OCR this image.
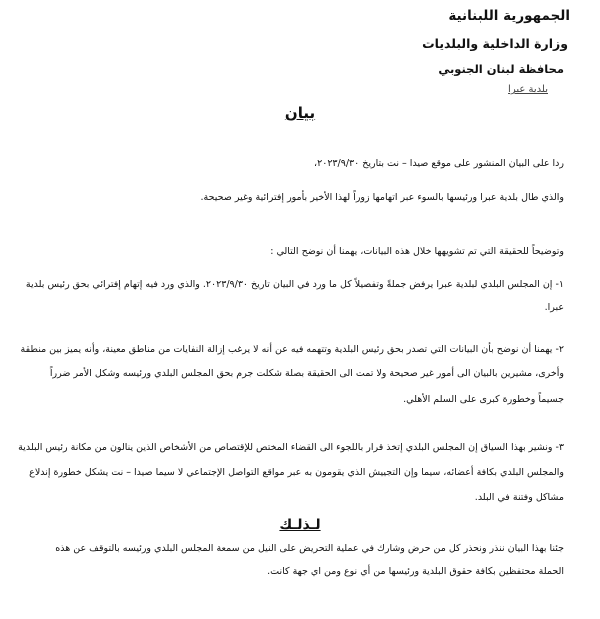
الجمهورية اللبنانية
وزارة الداخلية والبلديات
محافظة لبنان الجنوبي
بلدية عبرا
بيان
ردا على البيان المنشور على موقع صيدا – نت بتاريخ ٢٠٢٣/٩/٣٠،
والذي طال بلدية عبرا ورئيسها بالسوء عبر اتهامها زوراً لهذا الأخير بأمور إفترائية وغير صحيحة.
وتوضيحاً للحقيقة التي تم تشويهها خلال هذه البيانات، يهمنا أن نوضح التالي :
١- إن المجلس البلدي لبلدية عبرا يرفض جملةً وتفصيلاً كل ما ورد في البيان تاريخ ٢٠٢٣/٩/٣٠. والذي ورد فيه إتهام إفترائي بحق رئيس بلدية
عبرا.
٢- يهمنا أن نوضح بأن البيانات التي تصدر بحق رئيس البلدية وتتهمه فيه عن أنه لا يرغب إزالة النفايات من مناطق معينة، وأنه يميز بين منطقة
وأخرى، مشيرين بالبيان الى أمور غير صحيحة ولا تمت الى الحقيقة بصلة شكلت جرم بحق المجلس البلدي ورئيسه وشكل الأمر ضرراً
جسيماً وخطورة كبرى على السلم الأهلي.
٣- ونشير بهذا السياق إن المجلس البلدي إتخذ قرار باللجوء الى القضاء المختص للإقتصاص من الأشخاص الذين ينالون من مكانة رئيس البلدية
والمجلس البلدي بكافة أعضائه، سيما وإن التجييش الذي يقومون به عبر مواقع التواصل الإجتماعي لا سيما صيدا – نت يشكل خطورة إندلاع
مشاكل وفتنة في البلد.
لـذلـك
جئنا بهذا البيان ننذر ونحذر كل من حرض وشارك في عملية التحريض على النيل من سمعة المجلس البلدي ورئيسه بالتوقف عن هذه
الحملة محتفظين بكافة حقوق البلدية ورئيسها من أي نوع ومن اي جهة كانت.
